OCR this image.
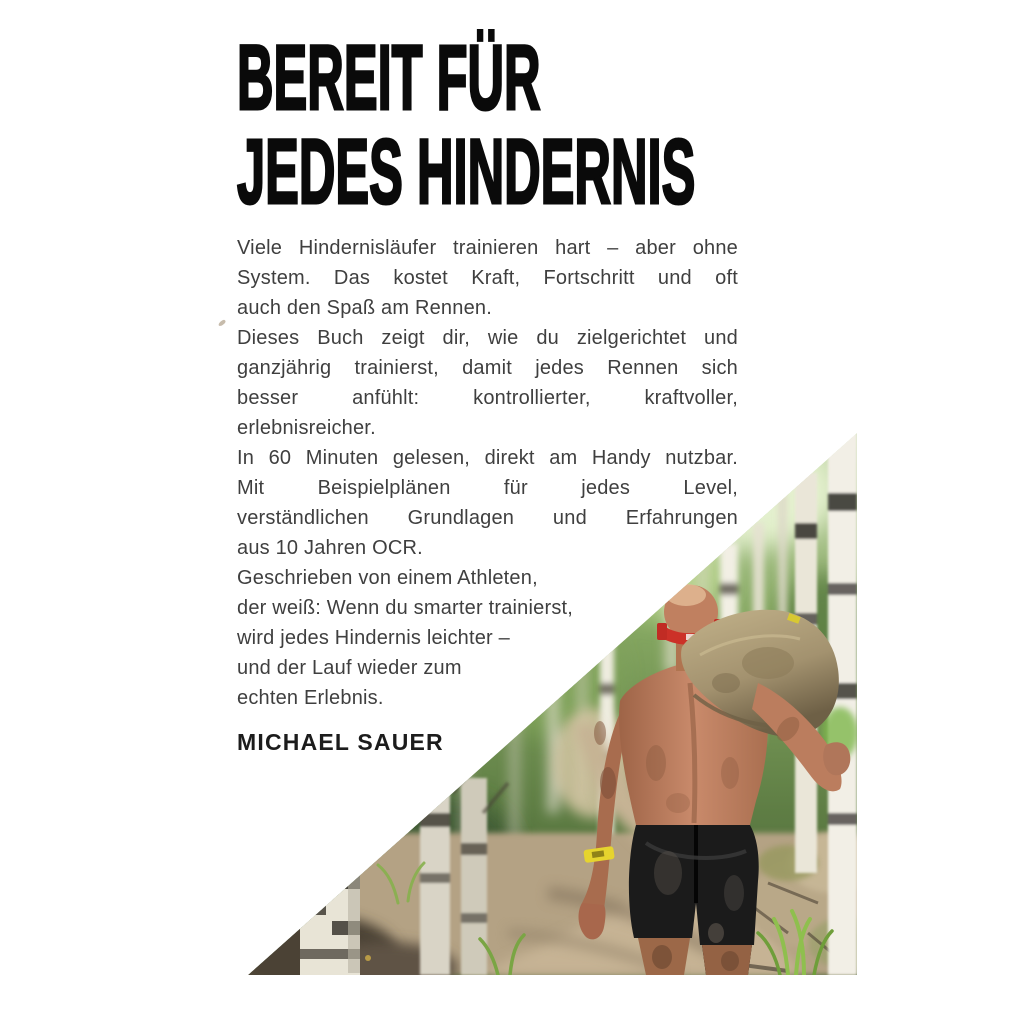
BEREIT FÜR
JEDES HINDERNIS
Viele Hindernisläufer trainieren hart – aber ohne
System. Das kostet Kraft, Fortschritt und oft
auch den Spaß am Rennen.
Dieses Buch zeigt dir, wie du zielgerichtet und
ganzjährig trainierst, damit jedes Rennen sich
besser anfühlt: kontrollierter, kraftvoller,
erlebnisreicher.
In 60 Minuten gelesen, direkt am Handy nutzbar.
Mit Beispielplänen für jedes Level,
verständlichen Grundlagen und Erfahrungen
aus 10 Jahren OCR.
Geschrieben von einem Athleten,
der weiß: Wenn du smarter trainierst,
wird jedes Hindernis leichter –
und der Lauf wieder zum
echten Erlebnis.
MICHAEL SAUER
